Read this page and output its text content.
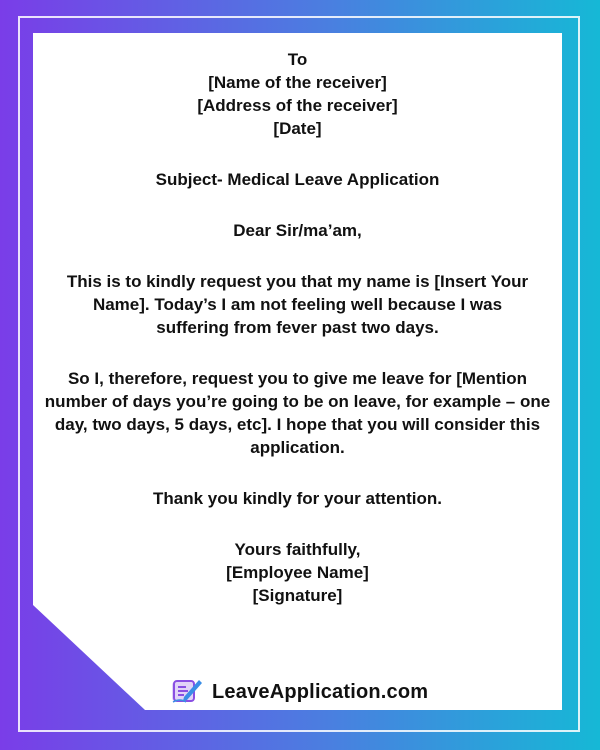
To

[Name of the receiver]

[Address of the receiver]

[Date]

Subject- Medical Leave Application

Dear Sir/ma’am,

This is to kindly request you that my name is [Insert Your Name]. Today’s I am not feeling well because I was suffering from fever past two days.

So I, therefore, request you to give me leave for [Mention number of days you’re going to be on leave, for example – one day, two days, 5 days, etc]. I hope that you will consider this application.

Thank you kindly for your attention.

Yours faithfully,

[Employee Name]

[Signature]

LeaveApplication.com
